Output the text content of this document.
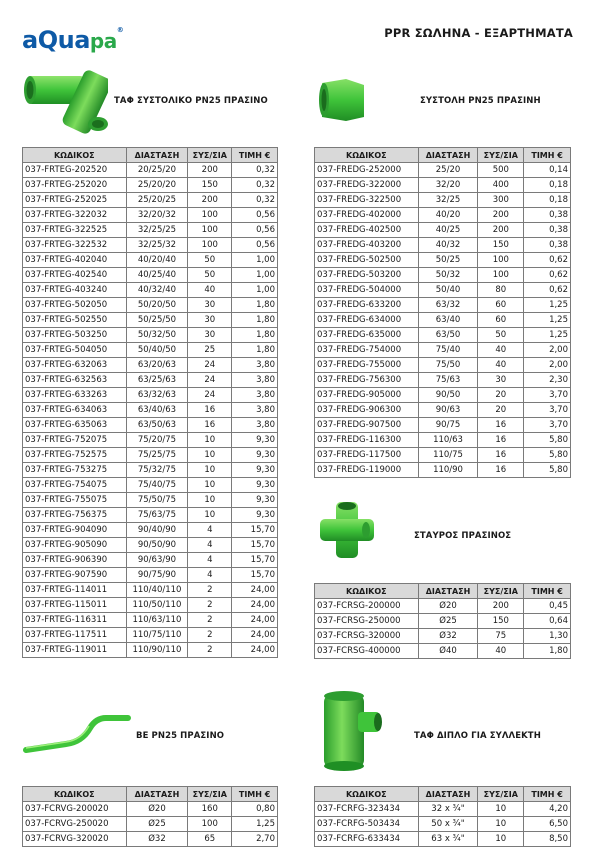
aQuapa®	PPR ΣΩΛΗΝΑ - ΕΞΑΡΤΗΜΑΤΑ
ΤΑΦ ΣΥΣΤΟΛΙΚΟ PN25 ΠΡΑΣΙΝΟ	ΣΥΣΤΟΛΗ PN25 ΠΡΑΣΙΝΗ
ΣΤΑΥΡΟΣ ΠΡΑΣΙΝΟΣ
ΒΕ PN25 ΠΡΑΣΙΝΟ	ΤΑΦ ΔΙΠΛΟ ΓΙΑ ΣΥΛΛΕΚΤΗ
ΚΩΔΙΚΟΣ	ΔΙΑΣΤΑΣΗ	ΣΥΣ/ΣΙΑ	ΤΙΜΗ €
037-FRTEG-202520	20/25/20	200	0,32
037-FRTEG-252020	25/20/20	150	0,32
037-FRTEG-252025	25/20/25	200	0,32
037-FRTEG-322032	32/20/32	100	0,56
037-FRTEG-322525	32/25/25	100	0,56
037-FRTEG-322532	32/25/32	100	0,56
037-FRTEG-402040	40/20/40	50	1,00
037-FRTEG-402540	40/25/40	50	1,00
037-FRTEG-403240	40/32/40	40	1,00
037-FRTEG-502050	50/20/50	30	1,80
037-FRTEG-502550	50/25/50	30	1,80
037-FRTEG-503250	50/32/50	30	1,80
037-FRTEG-504050	50/40/50	25	1,80
037-FRTEG-632063	63/20/63	24	3,80
037-FRTEG-632563	63/25/63	24	3,80
037-FRTEG-633263	63/32/63	24	3,80
037-FRTEG-634063	63/40/63	16	3,80
037-FRTEG-635063	63/50/63	16	3,80
037-FRTEG-752075	75/20/75	10	9,30
037-FRTEG-752575	75/25/75	10	9,30
037-FRTEG-753275	75/32/75	10	9,30
037-FRTEG-754075	75/40/75	10	9,30
037-FRTEG-755075	75/50/75	10	9,30
037-FRTEG-756375	75/63/75	10	9,30
037-FRTEG-904090	90/40/90	4	15,70
037-FRTEG-905090	90/50/90	4	15,70
037-FRTEG-906390	90/63/90	4	15,70
037-FRTEG-907590	90/75/90	4	15,70
037-FRTEG-114011	110/40/110	2	24,00
037-FRTEG-115011	110/50/110	2	24,00
037-FRTEG-116311	110/63/110	2	24,00
037-FRTEG-117511	110/75/110	2	24,00
037-FRTEG-119011	110/90/110	2	24,00
ΚΩΔΙΚΟΣ	ΔΙΑΣΤΑΣΗ	ΣΥΣ/ΣΙΑ	ΤΙΜΗ €
037-FREDG-252000	25/20	500	0,14
037-FREDG-322000	32/20	400	0,18
037-FREDG-322500	32/25	300	0,18
037-FREDG-402000	40/20	200	0,38
037-FREDG-402500	40/25	200	0,38
037-FREDG-403200	40/32	150	0,38
037-FREDG-502500	50/25	100	0,62
037-FREDG-503200	50/32	100	0,62
037-FREDG-504000	50/40	80	0,62
037-FREDG-633200	63/32	60	1,25
037-FREDG-634000	63/40	60	1,25
037-FREDG-635000	63/50	50	1,25
037-FREDG-754000	75/40	40	2,00
037-FREDG-755000	75/50	40	2,00
037-FREDG-756300	75/63	30	2,30
037-FREDG-905000	90/50	20	3,70
037-FREDG-906300	90/63	20	3,70
037-FREDG-907500	90/75	16	3,70
037-FREDG-116300	110/63	16	5,80
037-FREDG-117500	110/75	16	5,80
037-FREDG-119000	110/90	16	5,80
ΚΩΔΙΚΟΣ	ΔΙΑΣΤΑΣΗ	ΣΥΣ/ΣΙΑ	ΤΙΜΗ €
037-FCRSG-200000	Ø20	200	0,45
037-FCRSG-250000	Ø25	150	0,64
037-FCRSG-320000	Ø32	75	1,30
037-FCRSG-400000	Ø40	40	1,80
ΚΩΔΙΚΟΣ	ΔΙΑΣΤΑΣΗ	ΣΥΣ/ΣΙΑ	ΤΙΜΗ €
037-FCRVG-200020	Ø20	160	0,80
037-FCRVG-250020	Ø25	100	1,25
037-FCRVG-320020	Ø32	65	2,70
ΚΩΔΙΚΟΣ	ΔΙΑΣΤΑΣΗ	ΣΥΣ/ΣΙΑ	ΤΙΜΗ €
037-FCRFG-323434	32 x ¾"	10	4,20
037-FCRFG-503434	50 x ¾"	10	6,50
037-FCRFG-633434	63 x ¾"	10	8,50
